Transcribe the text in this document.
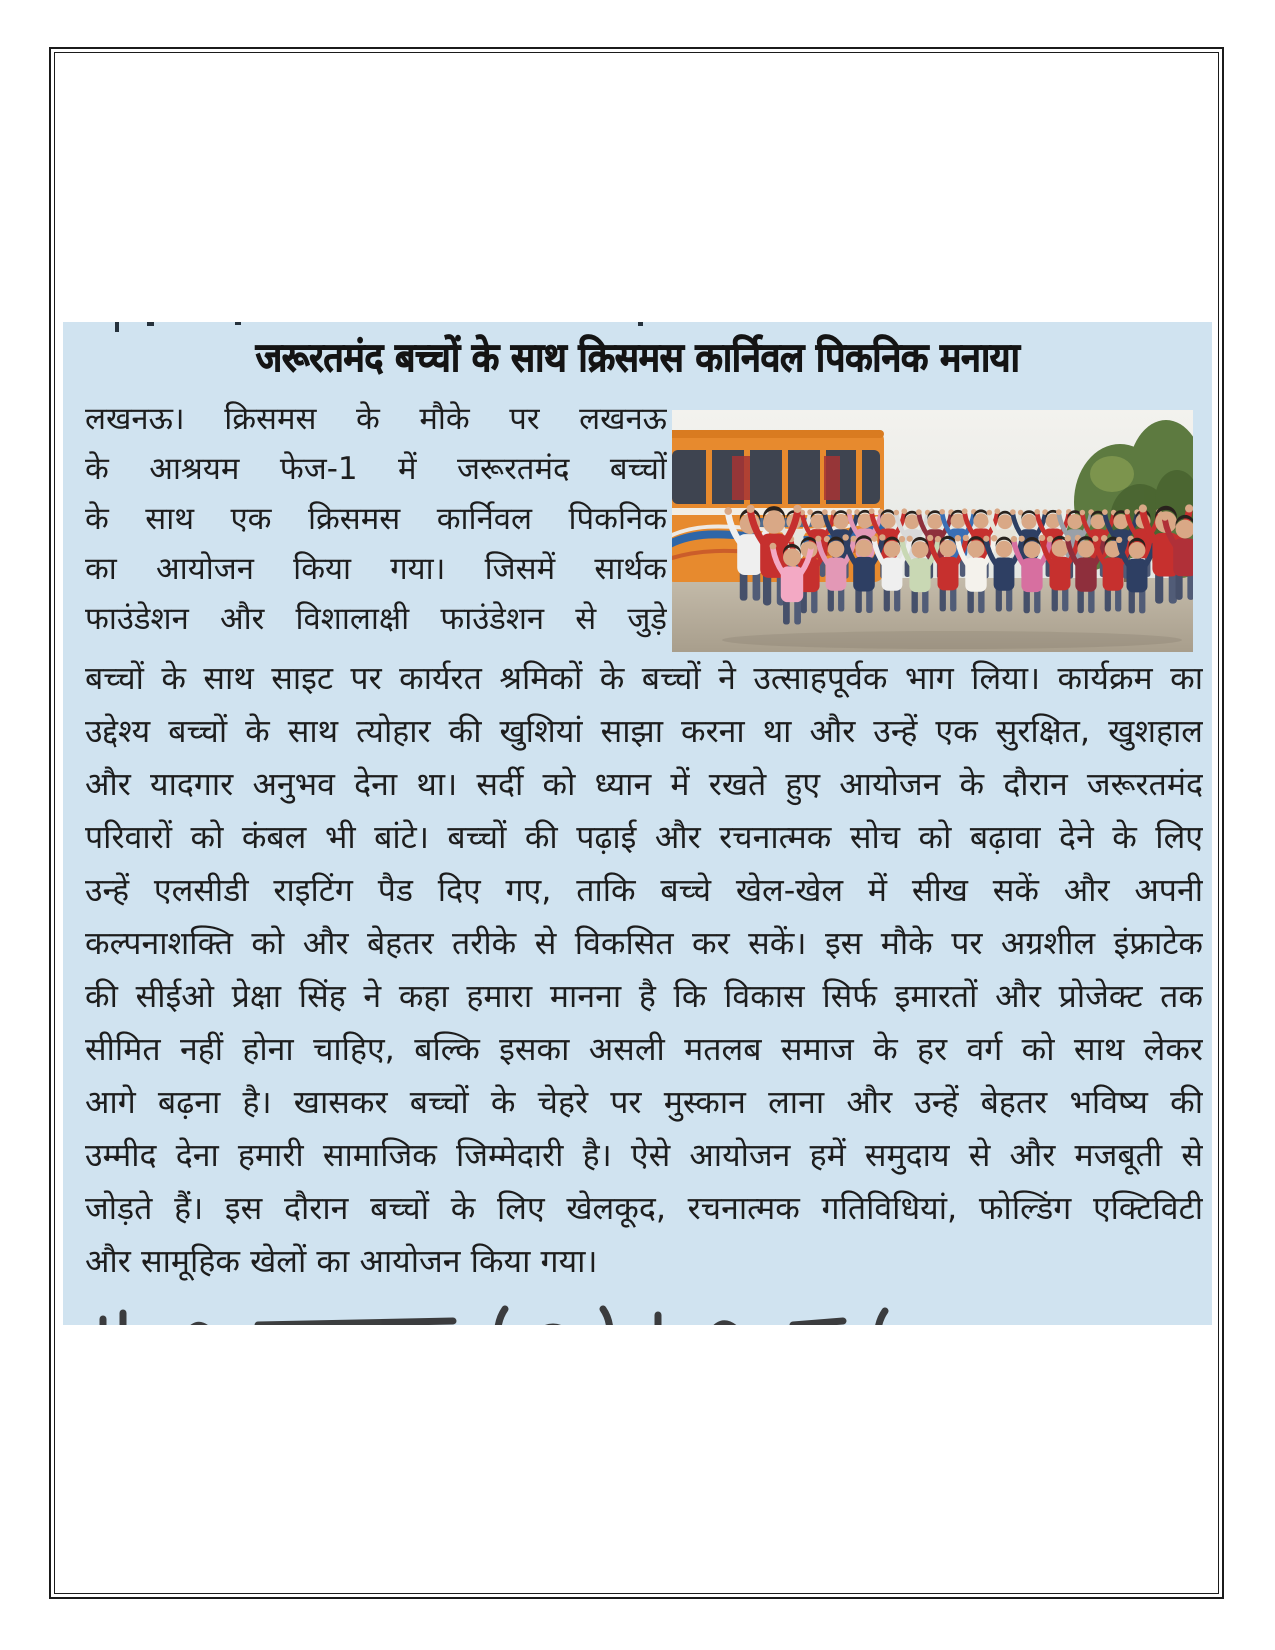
जरूरतमंद बच्चों के साथ क्रिसमस कार्निवल पिकनिक मनाया
लखनऊ। क्रिसमस के मौके पर लखनऊ
के आश्रयम फेज-1 में जरूरतमंद बच्चों
के साथ एक क्रिसमस कार्निवल पिकनिक
का आयोजन किया गया। जिसमें सार्थक
फाउंडेशन और विशालाक्षी फाउंडेशन से जुड़े
बच्चों के साथ साइट पर कार्यरत श्रमिकों के बच्चों ने उत्साहपूर्वक भाग लिया। कार्यक्रम का
उद्देश्य बच्चों के साथ त्योहार की खुशियां साझा करना था और उन्हें एक सुरक्षित, खुशहाल
और यादगार अनुभव देना था। सर्दी को ध्यान में रखते हुए आयोजन के दौरान जरूरतमंद
परिवारों को कंबल भी बांटे। बच्चों की पढ़ाई और रचनात्मक सोच को बढ़ावा देने के लिए
उन्हें एलसीडी राइटिंग पैड दिए गए, ताकि बच्चे खेल-खेल में सीख सकें और अपनी
कल्पनाशक्ति को और बेहतर तरीके से विकसित कर सकें। इस मौके पर अग्रशील इंफ्राटेक
की सीईओ प्रेक्षा सिंह ने कहा हमारा मानना है कि विकास सिर्फ इमारतों और प्रोजेक्ट तक
सीमित नहीं होना चाहिए, बल्कि इसका असली मतलब समाज के हर वर्ग को साथ लेकर
आगे बढ़ना है। खासकर बच्चों के चेहरे पर मुस्कान लाना और उन्हें बेहतर भविष्य की
उम्मीद देना हमारी सामाजिक जिम्मेदारी है। ऐसे आयोजन हमें समुदाय से और मजबूती से
जोड़ते हैं। इस दौरान बच्चों के लिए खेलकूद, रचनात्मक गतिविधियां, फोल्डिंग एक्टिविटी
और सामूहिक खेलों का आयोजन किया गया।
